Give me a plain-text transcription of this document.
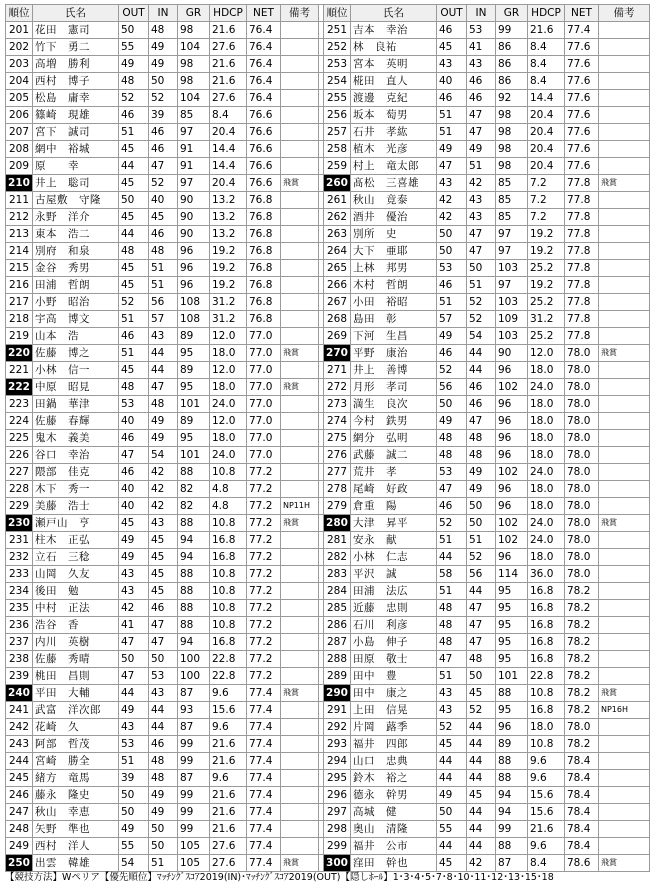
順位	氏名	OUT	IN	GR	HDCP	NET	備考		順位	氏名	OUT	IN	GR	HDCP	NET	備考
201	花田　憲司	50	48	98	21.6	76.4			251	吉本　幸治	46	53	99	21.6	77.4	
202	竹下　勇二	55	49	104	27.6	76.4			252	林　良祐	45	41	86	8.4	77.6	
203	高増　勝利	49	49	98	21.6	76.4			253	宮本　英明	43	43	86	8.4	77.6	
204	西村　博子	48	50	98	21.6	76.4			254	椛田　直人	40	46	86	8.4	77.6	
205	松島　庸幸	52	52	104	27.6	76.4			255	渡邊　克紀	46	46	92	14.4	77.6	
206	篠崎　現雄	46	39	85	8.4	76.6			256	坂本　萄男	51	47	98	20.4	77.6	
207	宮下　誠司	51	46	97	20.4	76.6			257	石井　孝紘	51	47	98	20.4	77.6	
208	網中　裕城	45	46	91	14.4	76.6			258	植木　光彦	49	49	98	20.4	77.6	
209	原　　幸	44	47	91	14.4	76.6			259	村上　竜太郎	47	51	98	20.4	77.6	
210	井上　聡司	45	52	97	20.4	76.6	飛賞		260	髙松　三喜雄	43	42	85	7.2	77.8	飛賞
211	古屋敷　守隆	50	40	90	13.2	76.8			261	秋山　竟泰	42	43	85	7.2	77.8	
212	永野　洋介	45	45	90	13.2	76.8			262	酒井　優治	42	43	85	7.2	77.8	
213	東本　浩二	44	46	90	13.2	76.8			263	別所　史	50	47	97	19.2	77.8	
214	別府　和泉	48	48	96	19.2	76.8			264	大下　亜耶	50	47	97	19.2	77.8	
215	金谷　秀男	45	51	96	19.2	76.8			265	上林　邦男	53	50	103	25.2	77.8	
216	田浦　哲朗	45	51	96	19.2	76.8			266	木村　哲朗	46	51	97	19.2	77.8	
217	小野　昭治	52	56	108	31.2	76.8			267	小田　裕昭	51	52	103	25.2	77.8	
218	宇高　博文	51	57	108	31.2	76.8			268	島田　彰	57	52	109	31.2	77.8	
219	山本　浩	46	43	89	12.0	77.0			269	下河　生昌	49	54	103	25.2	77.8	
220	佐藤　博之	51	44	95	18.0	77.0	飛賞		270	平野　康治	46	44	90	12.0	78.0	飛賞
221	小林　信一	45	44	89	12.0	77.0			271	井上　善博	52	44	96	18.0	78.0	
222	中原　昭見	48	47	95	18.0	77.0	飛賞		272	月形　孝司	56	46	102	24.0	78.0	
223	田鍋　華津	53	48	101	24.0	77.0			273	満生　良次	50	46	96	18.0	78.0	
224	佐藤　春輝	40	49	89	12.0	77.0			274	今村　鉄男	49	47	96	18.0	78.0	
225	鬼木　義美	46	49	95	18.0	77.0			275	網分　弘明	48	48	96	18.0	78.0	
226	谷口　幸治	47	54	101	24.0	77.0			276	武藤　誠二	48	48	96	18.0	78.0	
227	隈部　佳克	46	42	88	10.8	77.2			277	荒井　孝	53	49	102	24.0	78.0	
228	木下　秀一	40	42	82	4.8	77.2			278	尾崎　好政	47	49	96	18.0	78.0	
229	美藤　浩士	40	42	82	4.8	77.2	NP11H		279	倉重　陽	46	50	96	18.0	78.0	
230	瀬戸山　亨	45	43	88	10.8	77.2	飛賞		280	大津　昇平	52	50	102	24.0	78.0	飛賞
231	柱木　正弘	49	45	94	16.8	77.2			281	安永　献	51	51	102	24.0	78.0	
232	立石　三稔	49	45	94	16.8	77.2			282	小林　仁志	44	52	96	18.0	78.0	
233	山岡　久友	43	45	88	10.8	77.2			283	平沢　誠	58	56	114	36.0	78.0	
234	後田　勉	43	45	88	10.8	77.2			284	田浦　法広	51	44	95	16.8	78.2	
235	中村　正法	42	46	88	10.8	77.2			285	近藤　忠則	48	47	95	16.8	78.2	
236	浩谷　香	41	47	88	10.8	77.2			286	石川　利彦	48	47	95	16.8	78.2	
237	内川　英樹	47	47	94	16.8	77.2			287	小島　伸子	48	47	95	16.8	78.2	
238	佐藤　秀晴	50	50	100	22.8	77.2			288	田原　敬士	47	48	95	16.8	78.2	
239	桃田　昌則	47	53	100	22.8	77.2			289	田中　豊	51	50	101	22.8	78.2	
240	平田　大輔	44	43	87	9.6	77.4	飛賞		290	田中　康之	43	45	88	10.8	78.2	飛賞
241	武富　洋次郎	49	44	93	15.6	77.4			291	上田　信晃	43	52	95	16.8	78.2	NP16H
242	花崎　久	43	44	87	9.6	77.4			292	片岡　蕗季	52	44	96	18.0	78.0	
243	阿部　哲茂	53	46	99	21.6	77.4			293	福井　四郎	45	44	89	10.8	78.2	
244	宮崎　勝全	51	48	99	21.6	77.4			294	山口　忠典	44	44	88	9.6	78.4	
245	緒方　竜馬	39	48	87	9.6	77.4			295	鈴木　裕之	44	44	88	9.6	78.4	
246	藤永　隆史	50	49	99	21.6	77.4			296	德永　幹男	49	45	94	15.6	78.4	
247	秋山　幸恵	50	49	99	21.6	77.4			297	高城　健	50	44	94	15.6	78.4	
248	矢野　準也	49	50	99	21.6	77.4			298	奥山　清隆	55	44	99	21.6	78.4	
249	西村　洋人	55	50	105	27.6	77.4			299	福井　公市	44	44	88	9.6	78.4	
250	出雲　韓雄	54	51	105	27.6	77.4	飛賞		300	窪田　幹也	45	42	87	8.4	78.6	飛賞
【競技方法】Wペリア【優先順位】ﾏｯﾁﾝｸﾞｽｺｱ2019(IN)･ﾏｯﾁﾝｸﾞｽｺｱ2019(OUT)【隠しﾎｰﾙ】1･3･4･5･7･8･10･11･12･13･15･18
